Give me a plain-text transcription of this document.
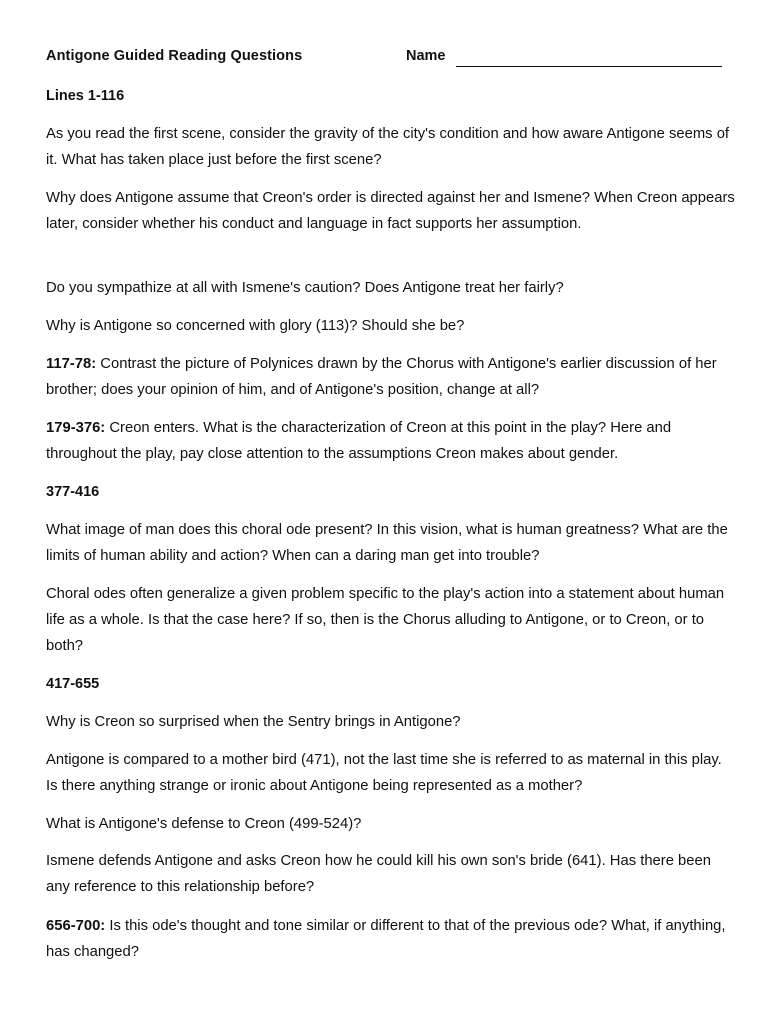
Antigone Guided Reading Questions	Name
Lines 1-116

As you read the first scene, consider the gravity of the city's condition and how aware Antigone seems of it. What has taken place just before the first scene?

Why does Antigone assume that Creon's order is directed against her and Ismene? When Creon appears later, consider whether his conduct and language in fact supports her assumption.

Do you sympathize at all with Ismene's caution? Does Antigone treat her fairly?

Why is Antigone so concerned with glory (113)? Should she be?

117-78: Contrast the picture of Polynices drawn by the Chorus with Antigone's earlier discussion of her brother; does your opinion of him, and of Antigone's position, change at all?

179-376: Creon enters. What is the characterization of Creon at this point in the play? Here and throughout the play, pay close attention to the assumptions Creon makes about gender.

377-416

What image of man does this choral ode present? In this vision, what is human greatness? What are the limits of human ability and action? When can a daring man get into trouble?

Choral odes often generalize a given problem specific to the play's action into a statement about human life as a whole. Is that the case here? If so, then is the Chorus alluding to Antigone, or to Creon, or to both?

417-655

Why is Creon so surprised when the Sentry brings in Antigone?

Antigone is compared to a mother bird (471), not the last time she is referred to as maternal in this play. Is there anything strange or ironic about Antigone being represented as a mother?

What is Antigone's defense to Creon (499-524)?

Ismene defends Antigone and asks Creon how he could kill his own son's bride (641). Has there been any reference to this relationship before?

656-700: Is this ode's thought and tone similar or different to that of the previous ode? What, if anything, has changed?
